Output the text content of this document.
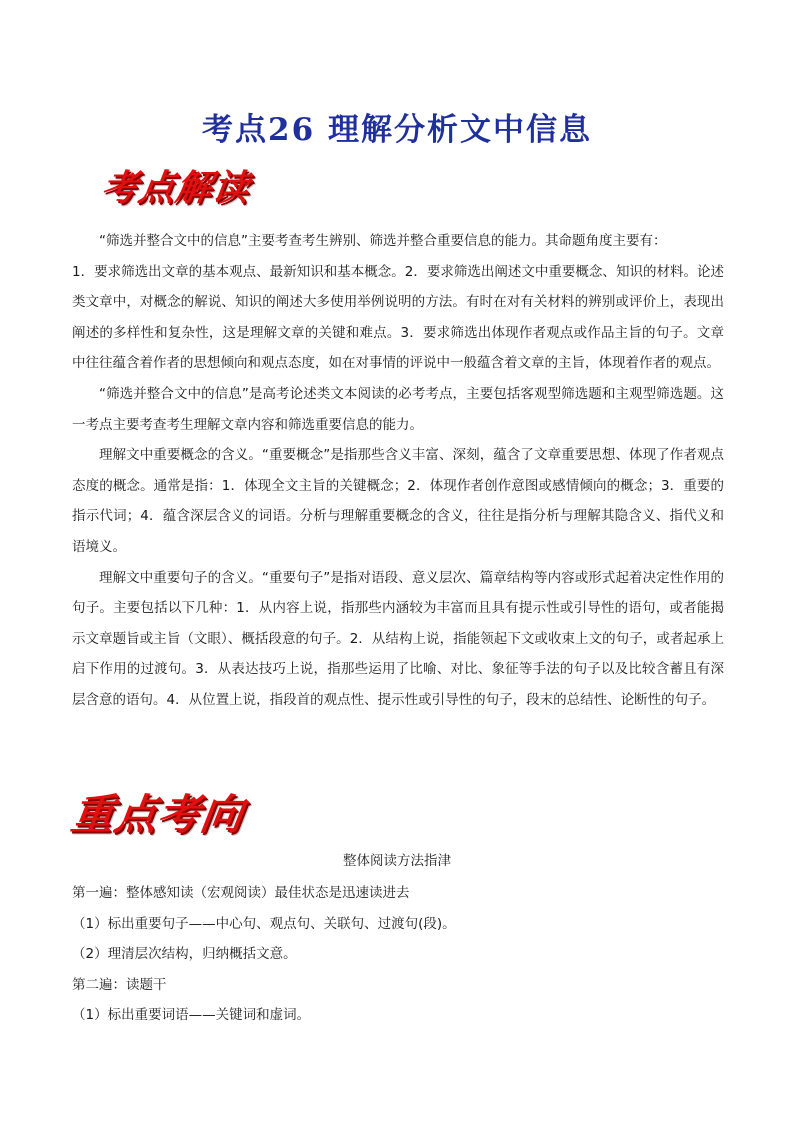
考点26 理解分析文中信息
考点解读

“筛选并整合文中的信息”主要考查考生辨别、筛选并整合重要信息的能力。其命题角度主要有：

1．要求筛选出文章的基本观点、最新知识和基本概念。2．要求筛选出阐述文中重要概念、知识的材料。论述类文章中，对概念的解说、知识的阐述大多使用举例说明的方法。有时在对有关材料的辨别或评价上，表现出阐述的多样性和复杂性，这是理解文章的关键和难点。3．要求筛选出体现作者观点或作品主旨的句子。文章中往往蕴含着作者的思想倾向和观点态度，如在对事情的评说中一般蕴含着文章的主旨，体现着作者的观点。

“筛选并整合文中的信息”是高考论述类文本阅读的必考考点，主要包括客观型筛选题和主观型筛选题。这一考点主要考查考生理解文章内容和筛选重要信息的能力。

理解文中重要概念的含义。“重要概念”是指那些含义丰富、深刻，蕴含了文章重要思想、体现了作者观点态度的概念。通常是指：1．体现全文主旨的关键概念；2．体现作者创作意图或感情倾向的概念；3．重要的指示代词；4．蕴含深层含义的词语。分析与理解重要概念的含义，往往是指分析与理解其隐含义、指代义和语境义。

理解文中重要句子的含义。“重要句子”是指对语段、意义层次、篇章结构等内容或形式起着决定性作用的句子。主要包括以下几种：1．从内容上说，指那些内涵较为丰富而且具有提示性或引导性的语句，或者能揭示文章题旨或主旨（文眼）、概括段意的句子。2．从结构上说，指能领起下文或收束上文的句子，或者起承上启下作用的过渡句。3．从表达技巧上说，指那些运用了比喻、对比、象征等手法的句子以及比较含蓄且有深层含意的语句。4．从位置上说，指段首的观点性、提示性或引导性的句子，段末的总结性、论断性的句子。

重点考向
整体阅读方法指津

第一遍：整体感知读（宏观阅读）最佳状态是迅速读进去

（1）标出重要句子——中心句、观点句、关联句、过渡句(段)。

（2）理清层次结构，归纳概括文意。

第二遍：读题干

（1）标出重要词语——关键词和虚词。
